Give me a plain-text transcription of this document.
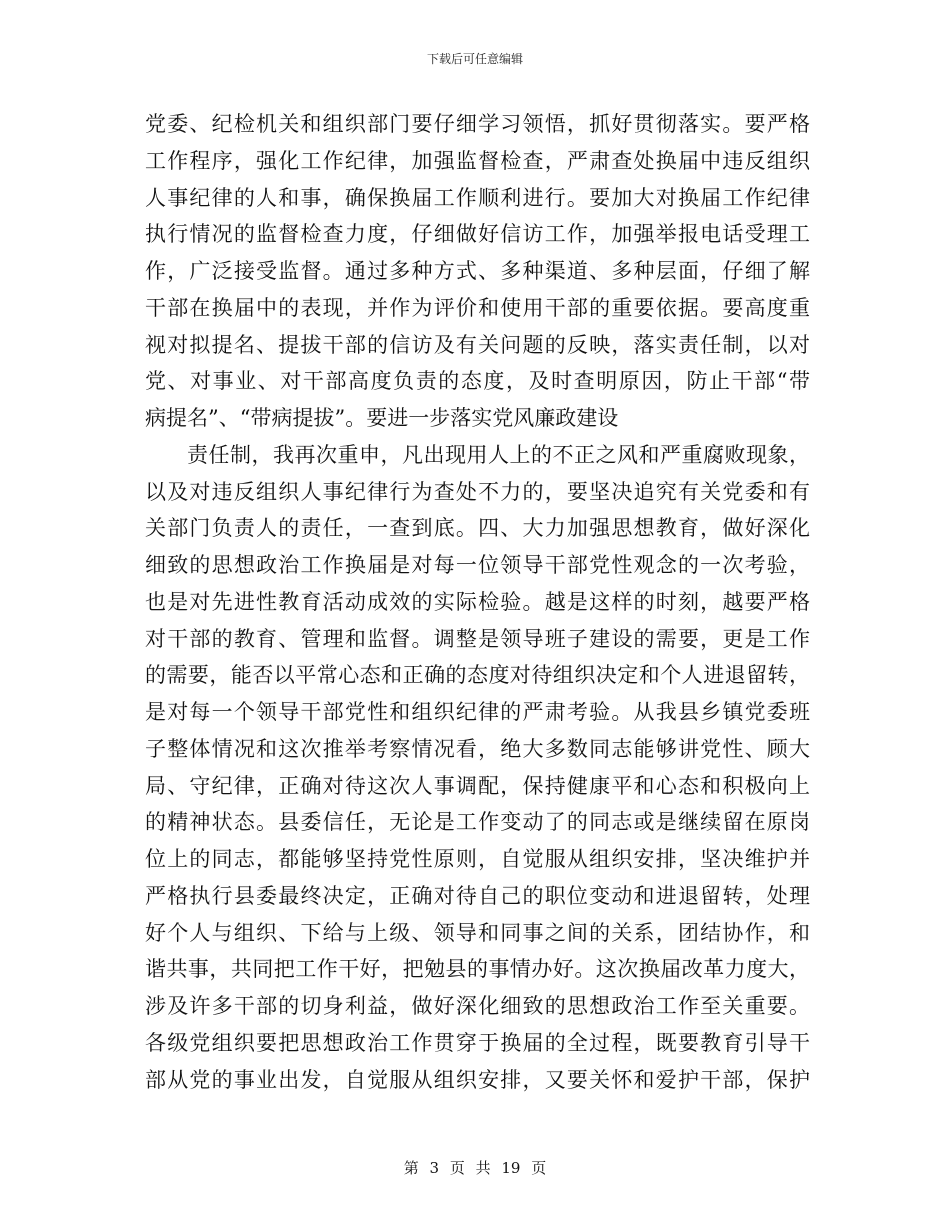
下载后可任意编辑
党委、纪检机关和组织部门要仔细学习领悟，抓好贯彻落实。要严格
工作程序，强化工作纪律，加强监督检查，严肃查处换届中违反组织
人事纪律的人和事，确保换届工作顺利进行。要加大对换届工作纪律
执行情况的监督检查力度，仔细做好信访工作，加强举报电话受理工
作，广泛接受监督。通过多种方式、多种渠道、多种层面，仔细了解
干部在换届中的表现，并作为评价和使用干部的重要依据。要高度重
视对拟提名、提拔干部的信访及有关问题的反映，落实责任制，以对
党、对事业、对干部高度负责的态度，及时查明原因，防止干部“带
病提名”、“带病提拔”。要进一步落实党风廉政建设
责任制，我再次重申，凡出现用人上的不正之风和严重腐败现象，
以及对违反组织人事纪律行为查处不力的，要坚决追究有关党委和有
关部门负责人的责任，一查到底。四、大力加强思想教育，做好深化
细致的思想政治工作换届是对每一位领导干部党性观念的一次考验，
也是对先进性教育活动成效的实际检验。越是这样的时刻，越要严格
对干部的教育、管理和监督。调整是领导班子建设的需要，更是工作
的需要，能否以平常心态和正确的态度对待组织决定和个人进退留转，
是对每一个领导干部党性和组织纪律的严肃考验。从我县乡镇党委班
子整体情况和这次推举考察情况看，绝大多数同志能够讲党性、顾大
局、守纪律，正确对待这次人事调配，保持健康平和心态和积极向上
的精神状态。县委信任，无论是工作变动了的同志或是继续留在原岗
位上的同志，都能够坚持党性原则，自觉服从组织安排，坚决维护并
严格执行县委最终决定，正确对待自己的职位变动和进退留转，处理
好个人与组织、下给与上级、领导和同事之间的关系，团结协作，和
谐共事，共同把工作干好，把勉县的事情办好。这次换届改革力度大，
涉及许多干部的切身利益，做好深化细致的思想政治工作至关重要。
各级党组织要把思想政治工作贯穿于换届的全过程，既要教育引导干
部从党的事业出发，自觉服从组织安排，又要关怀和爱护干部，保护
第 3 页 共 19 页
